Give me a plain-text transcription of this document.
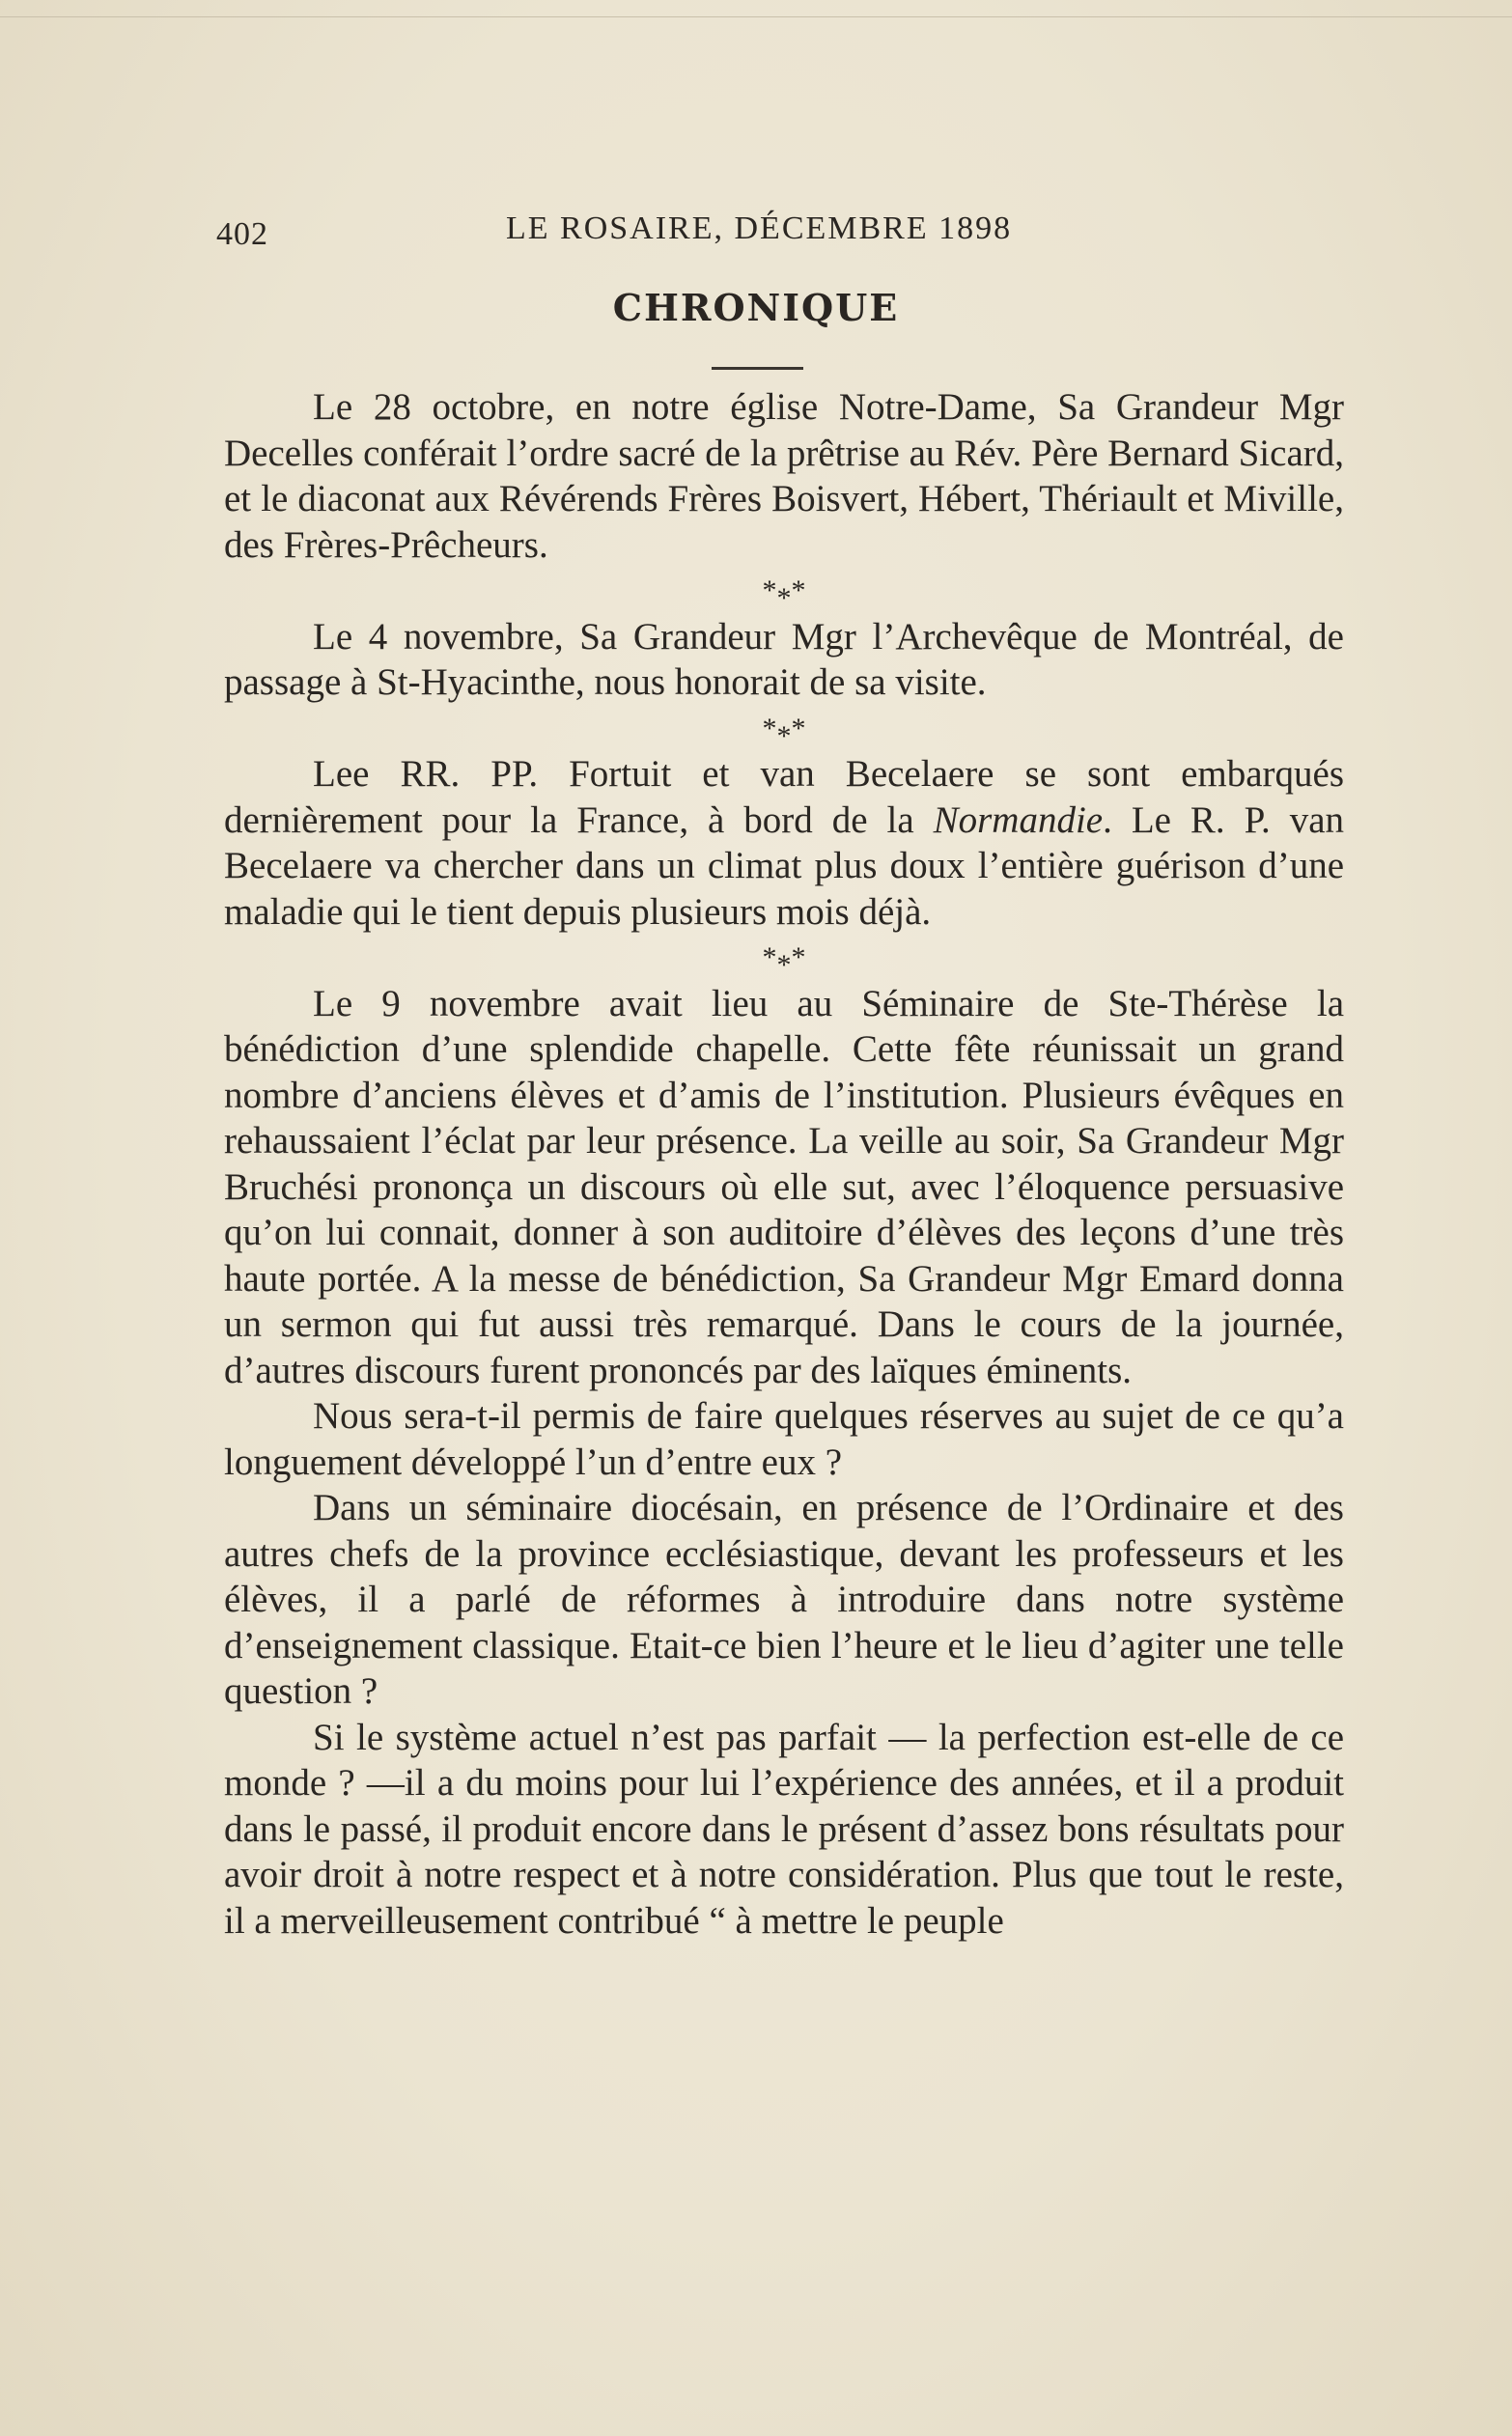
402	LE ROSAIRE, DÉCEMBRE 1898
CHRONIQUE

Le 28 octobre, en notre église Notre-Dame, Sa Grandeur Mgr Decelles conférait l’ordre sacré de la prêtrise au Rév. Père Bernard Sicard, et le diaconat aux Révérends Frères Boisvert, Hébert, Thériault et Miville, des Frères-Prêcheurs.

***

Le 4 novembre, Sa Grandeur Mgr l’Archevêque de Montréal, de passage à St-Hyacinthe, nous honorait de sa visite.

***

Lee RR. PP. Fortuit et van Becelaere se sont embarqués dernièrement pour la France, à bord de la Normandie. Le R. P. van Becelaere va chercher dans un climat plus doux l’entière guérison d’une maladie qui le tient depuis plusieurs mois déjà.

***

Le 9 novembre avait lieu au Séminaire de Ste-Thérèse la bénédiction d’une splendide chapelle. Cette fête réunissait un grand nombre d’anciens élèves et d’amis de l’institution. Plusieurs évêques en rehaussaient l’éclat par leur présence. La veille au soir, Sa Grandeur Mgr Bruchési prononça un discours où elle sut, avec l’éloquence persuasive qu’on lui connait, donner à son auditoire d’élèves des leçons d’une très haute portée. A la messe de bénédiction, Sa Grandeur Mgr Emard donna un sermon qui fut aussi très remarqué. Dans le cours de la journée, d’autres discours furent prononcés par des laïques éminents.

Nous sera-t-il permis de faire quelques réserves au sujet de ce qu’a longuement développé l’un d’entre eux ?

Dans un séminaire diocésain, en présence de l’Ordinaire et des autres chefs de la province ecclésiastique, devant les professeurs et les élèves, il a parlé de réformes à introduire dans notre système d’enseignement classique. Etait-ce bien l’heure et le lieu d’agiter une telle question ?

Si le système actuel n’est pas parfait — la perfection est-elle de ce monde ? —il a du moins pour lui l’expérience des années, et il a produit dans le passé, il produit encore dans le présent d’assez bons résultats pour avoir droit à notre respect et à notre considération. Plus que tout le reste, il a merveilleusement contribué “ à mettre le peuple
